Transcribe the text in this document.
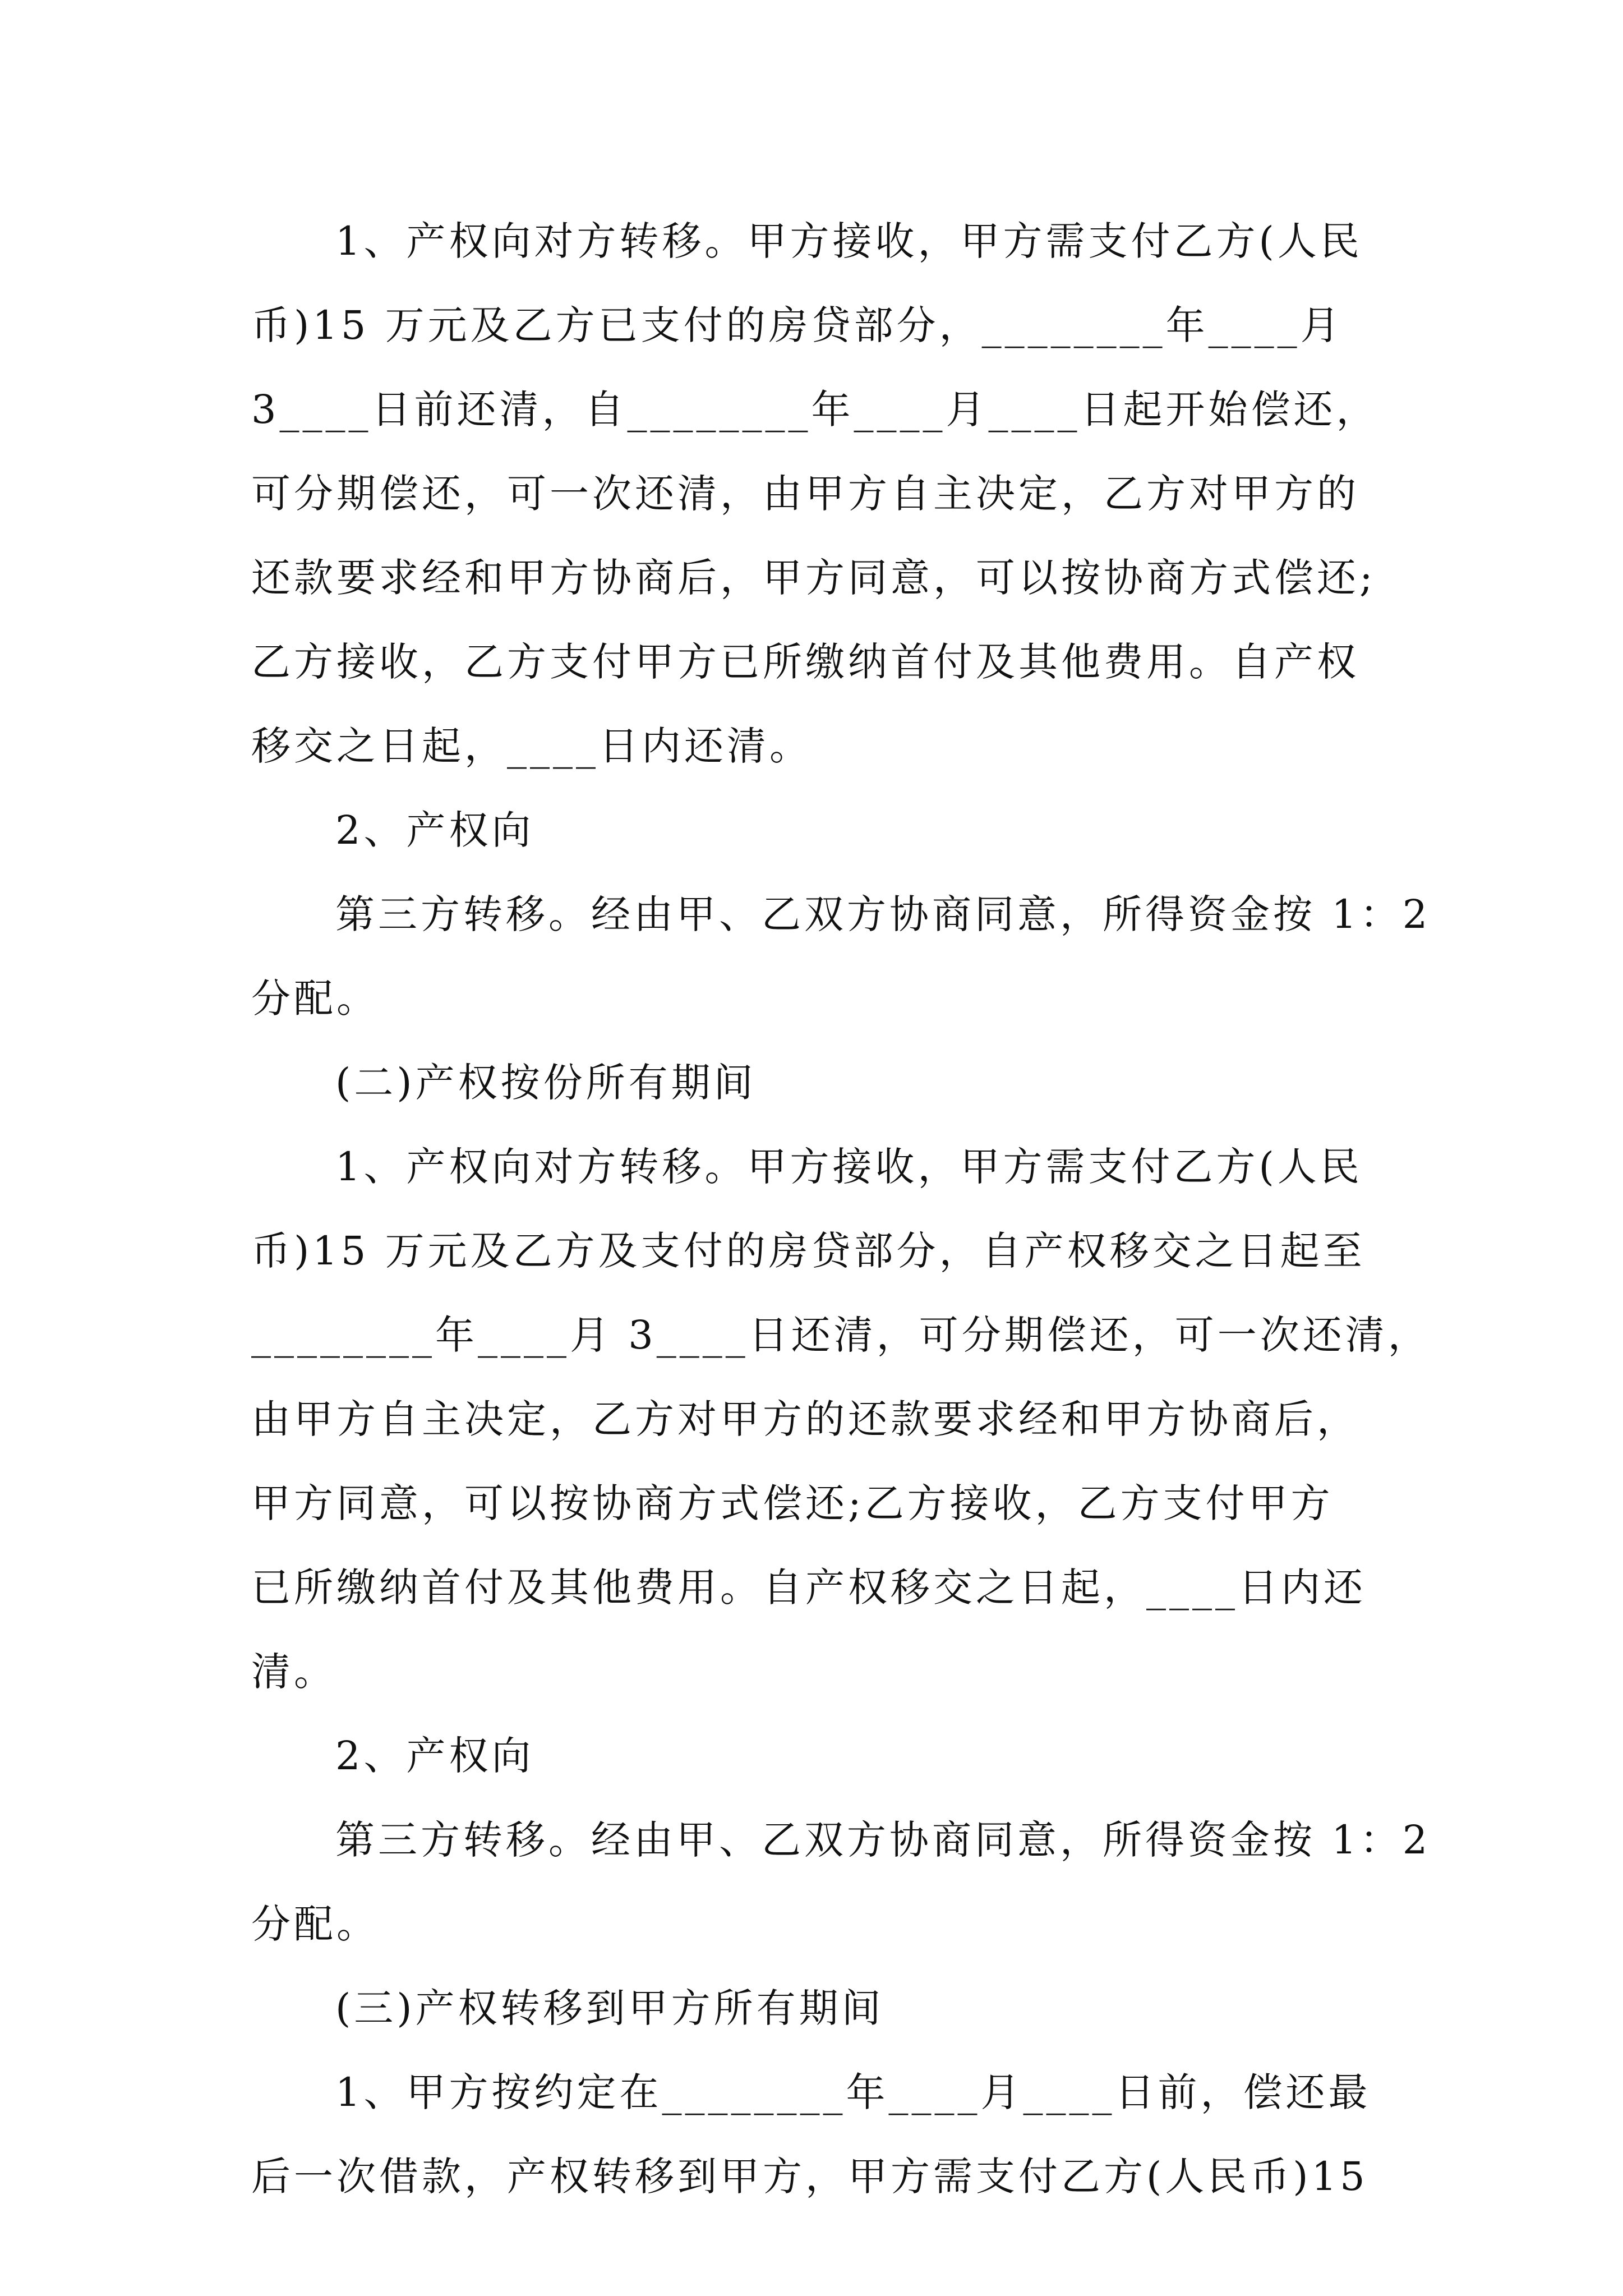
1、产权向对方转移。甲方接收，甲方需支付乙方(人民
币)15 万元及乙方已支付的房贷部分，________年____月
3____日前还清，自________年____月____日起开始偿还，
可分期偿还，可一次还清，由甲方自主决定，乙方对甲方的
还款要求经和甲方协商后，甲方同意，可以按协商方式偿还;
乙方接收，乙方支付甲方已所缴纳首付及其他费用。自产权
移交之日起，____日内还清。
2、产权向
第三方转移。经由甲、乙双方协商同意，所得资金按 1：2
分配。
(二)产权按份所有期间
1、产权向对方转移。甲方接收，甲方需支付乙方(人民
币)15 万元及乙方及支付的房贷部分，自产权移交之日起至
________年____月 3____日还清，可分期偿还，可一次还清，
由甲方自主决定，乙方对甲方的还款要求经和甲方协商后，
甲方同意，可以按协商方式偿还;乙方接收，乙方支付甲方
已所缴纳首付及其他费用。自产权移交之日起，____日内还
清。
2、产权向
第三方转移。经由甲、乙双方协商同意，所得资金按 1：2
分配。
(三)产权转移到甲方所有期间
1、甲方按约定在________年____月____日前，偿还最
后一次借款，产权转移到甲方，甲方需支付乙方(人民币)15
